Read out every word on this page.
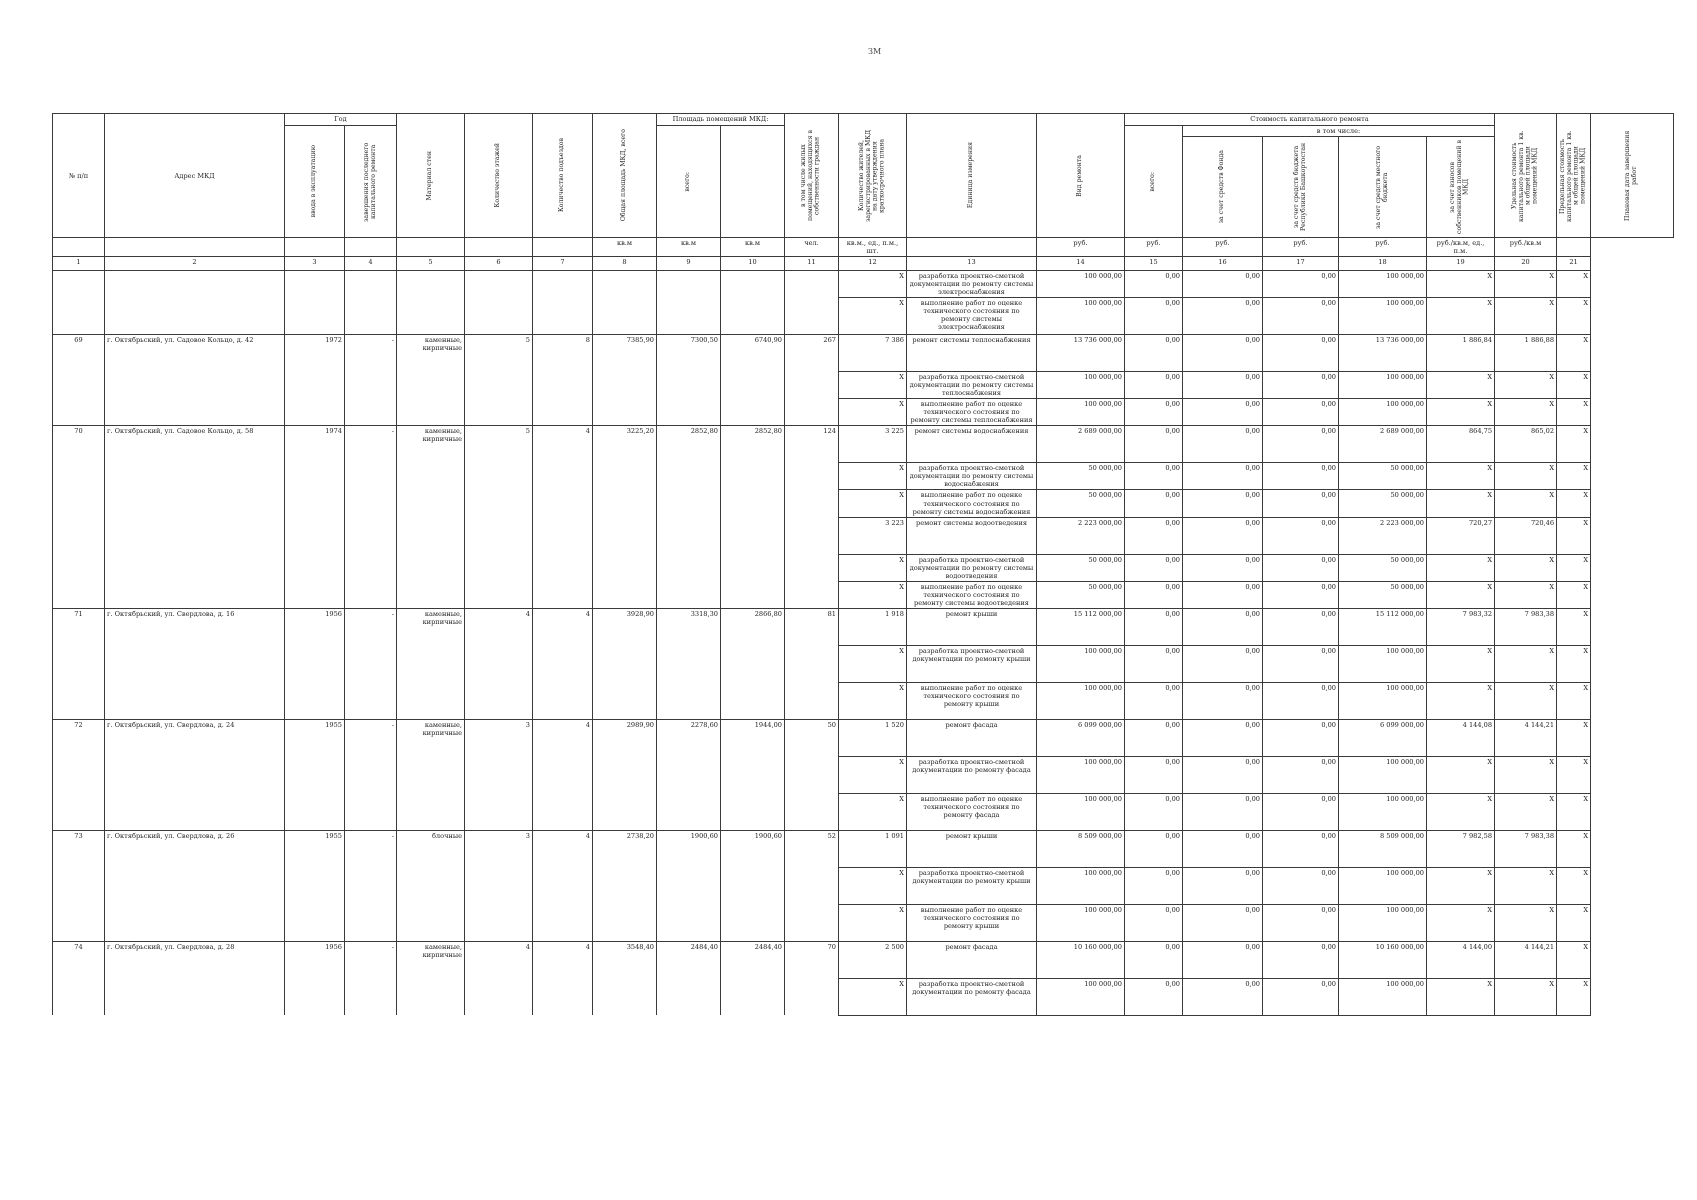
ЗМ
№ п/п	Адрес МКД	Год		Материал стен	Количество этажей	Количество подъездов	Общая площадь МКД, всего	Площадь помещений МКД:		в том числе жилых помещений, находящихся в собственности граждан	Количество жителей, зарегистрированных в МКД на дату утверждения краткосрочного плана	Единица измерения	Вид ремонта	Стоимость капитального ремонта					Удельная стоимость капитального ремонта 1 кв. м общей площади помещений МКД	Предельная стоимость капитального ремонта 1 кв. м общей площади помещений МКД	Плановая дата завершения работ

		ввода в эксплуатацию	завершения последнего капитального ремонта					всего:						всего:	в том числе:						

															за счет средств Фонда	за счет средств бюджета Республики Башкортостан	за счет средств местного бюджета	за счет взносов собственников помещений в МКД			

							кв.м	кв.м	кв.м	чел.	кв.м., ед., п.м., шт.		руб.	руб.	руб.	руб.	руб.	руб./кв.м, ед., п.м.	руб./кв.м		
1	2	3	4	5	6	7	8	9	10	11	12	13	14	15	16	17	18	19	20	21	
											X	разработка проектно-сметной документации по ремонту системы электроснабжения	100 000,00	0,00	0,00	0,00	100 000,00	X	X	X	
											X	выполнение работ по оценке технического состояния по ремонту системы электроснабжения	100 000,00	0,00	0,00	0,00	100 000,00	X	X	X	
69	г. Октябрьский, ул. Садовое Кольцо, д. 42	1972	-	каменные, кирпичные	5	8	7385,90	7300,50	6740,90	267	7 386	ремонт системы теплоснабжения	13 736 000,00	0,00	0,00	0,00	13 736 000,00	1 886,84	1 886,88	X	
											X	разработка проектно-сметной документации по ремонту системы теплоснабжения	100 000,00	0,00	0,00	0,00	100 000,00	X	X	X	
											X	выполнение работ по оценке технического состояния по ремонту системы теплоснабжения	100 000,00	0,00	0,00	0,00	100 000,00	X	X	X	
70	г. Октябрьский, ул. Садовое Кольцо, д. 58	1974	-	каменные, кирпичные	5	4	3225,20	2852,80	2852,80	124	3 225	ремонт системы водоснабжения	2 689 000,00	0,00	0,00	0,00	2 689 000,00	864,75	865,02	X	
											X	разработка проектно-сметной документации по ремонту системы водоснабжения	50 000,00	0,00	0,00	0,00	50 000,00	X	X	X	
											X	выполнение работ по оценке технического состояния по ремонту системы водоснабжения	50 000,00	0,00	0,00	0,00	50 000,00	X	X	X	
											3 223	ремонт системы водоотведения	2 223 000,00	0,00	0,00	0,00	2 223 000,00	720,27	720,46	X	
											X	разработка проектно-сметной документации по ремонту системы водоотведения	50 000,00	0,00	0,00	0,00	50 000,00	X	X	X	
											X	выполнение работ по оценке технического состояния по ремонту системы водоотведения	50 000,00	0,00	0,00	0,00	50 000,00	X	X	X	
71	г. Октябрьский, ул. Свердлова, д. 16	1956	-	каменные, кирпичные	4	4	3928,90	3318,30	2866,80	81	1 918	ремонт крыши	15 112 000,00	0,00	0,00	0,00	15 112 000,00	7 983,32	7 983,38	X	
											X	разработка проектно-сметной документации по ремонту крыши	100 000,00	0,00	0,00	0,00	100 000,00	X	X	X	
											X	выполнение работ по оценке технического состояния по ремонту крыши	100 000,00	0,00	0,00	0,00	100 000,00	X	X	X	
72	г. Октябрьский, ул. Свердлова, д. 24	1955	-	каменные, кирпичные	3	4	2989,90	2278,60	1944,00	50	1 520	ремонт фасада	6 099 000,00	0,00	0,00	0,00	6 099 000,00	4 144,08	4 144,21	X	
											X	разработка проектно-сметной документации по ремонту фасада	100 000,00	0,00	0,00	0,00	100 000,00	X	X	X	
											X	выполнение работ по оценке технического состояния по ремонту фасада	100 000,00	0,00	0,00	0,00	100 000,00	X	X	X	
73	г. Октябрьский, ул. Свердлова, д. 26	1955	-	блочные	3	4	2738,20	1900,60	1900,60	52	1 091	ремонт крыши	8 509 000,00	0,00	0,00	0,00	8 509 000,00	7 982,58	7 983,38	X	
											X	разработка проектно-сметной документации по ремонту крыши	100 000,00	0,00	0,00	0,00	100 000,00	X	X	X	
											X	выполнение работ по оценке технического состояния по ремонту крыши	100 000,00	0,00	0,00	0,00	100 000,00	X	X	X	
74	г. Октябрьский, ул. Свердлова, д. 28	1956	-	каменные, кирпичные	4	4	3548,40	2484,40	2484,40	70	2 500	ремонт фасада	10 160 000,00	0,00	0,00	0,00	10 160 000,00	4 144,00	4 144,21	X	
											X	разработка проектно-сметной документации по ремонту фасада	100 000,00	0,00	0,00	0,00	100 000,00	X	X	X	
